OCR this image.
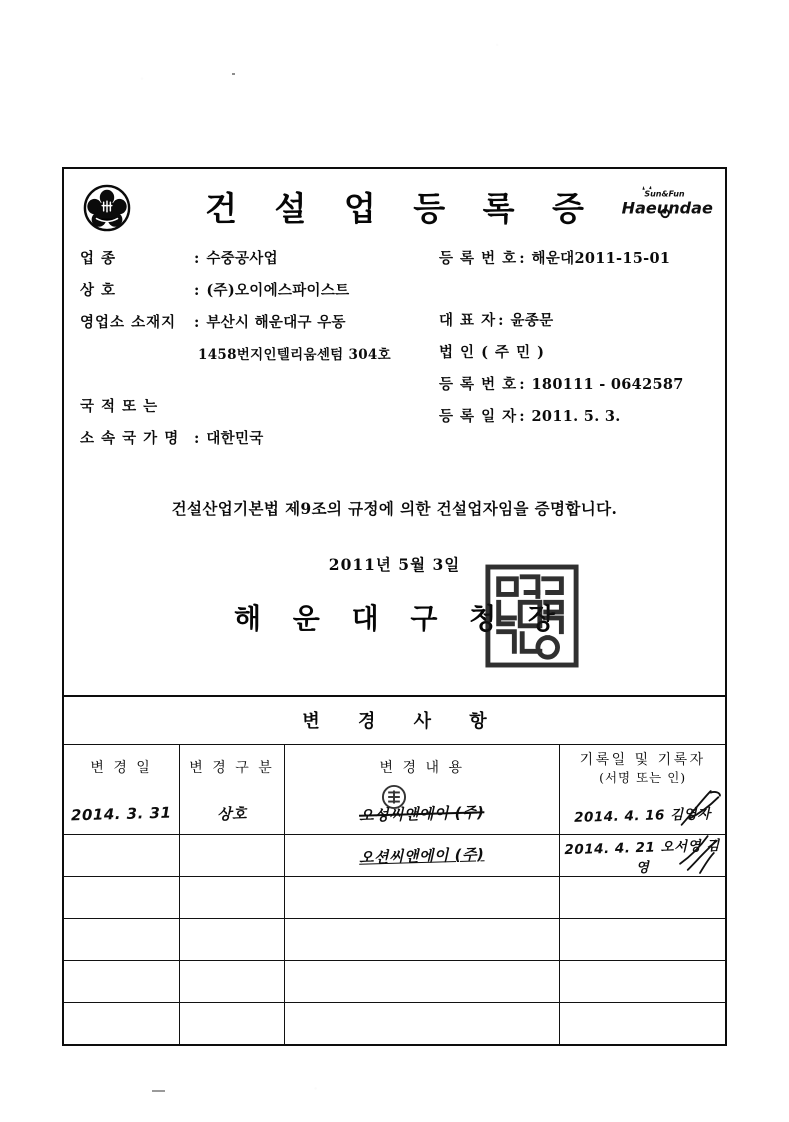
건 설 업 등 록 증	Sun&Fun
Haeundae
업 종	: 수중공사업
상 호	: (주)오이에스파이스트
영업소 소재지	: 부산시 해운대구 우동
1458번지인텔리움센텀 304호
국 적 또 는
소 속 국 가 명	: 대한민국
등 록 번 호 : 해운대2011-15-01
대 표 자 : 윤종문
법 인 ( 주 민 )
등 록 번 호 : 180111 - 0642587
등 록 일 자 : 2011. 5. 3.
건설산업기본법 제9조의 규정에 의한 건설업자임을 증명합니다.
2011년 5월 3일
해 운 대 구 청 장
변 경 사 항
변 경 일	변 경 구 분	변 경 내 용	기록일 및 기록자
(서명 또는 인)

2014. 3. 31	상호	오성씨앤에이 (주)	2014. 4. 16 김영자

		오션씨앤에이 (주)	2014. 4. 21 오서영 김영
